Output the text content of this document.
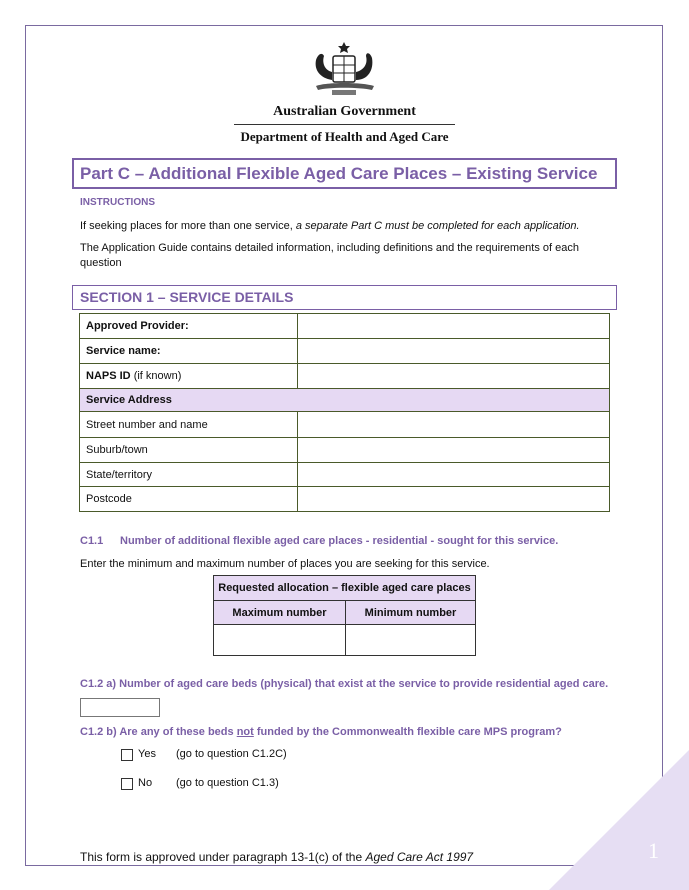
1
Australian Government
Department of Health and Aged Care
Part C – Additional Flexible Aged Care Places – Existing Service
INSTRUCTIONS
If seeking places for more than one service, a separate Part C must be completed for each application.
The Application Guide contains detailed information, including definitions and the requirements of each question
SECTION 1 – SERVICE DETAILS
Approved Provider:	
Service name:	
NAPS ID (if known)	
Service Address	
Street number and name	
Suburb/town	
State/territory	
Postcode	
C1.1 Number of additional flexible aged care places - residential - sought for this service.
Enter the minimum and maximum number of places you are seeking for this service.
Requested allocation – flexible aged care places	
Maximum number	Minimum number

C1.2 a) Number of aged care beds (physical) that exist at the service to provide residential aged care.
C1.2 b) Are any of these beds not funded by the Commonwealth flexible care MPS program?
Yes (go to question C1.2C)
No (go to question C1.3)
This form is approved under paragraph 13-1(c) of the Aged Care Act 1997
